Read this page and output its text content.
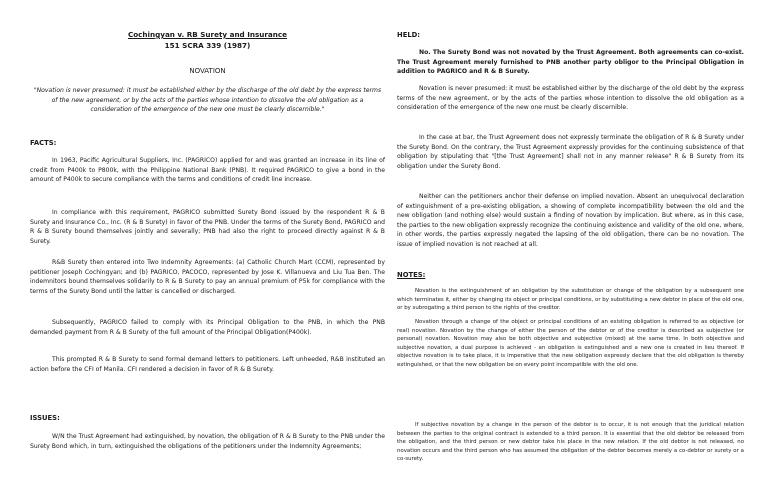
Cochingyan v. RB Surety and Insurance

151 SCRA 339 (1987)

NOVATION

"Novation is never presumed: it must be established either by the discharge of the old debt by the express terms of the new agreement, or by the acts of the parties whose intention to dissolve the old obligation as a consideration of the emergence of the new one must be clearly discernible."

FACTS:

In 1963, Pacific Agricultural Suppliers, Inc. (PAGRICO) applied for and was granted an increase in its line of credit from P400k to P800k, with the Philippine National Bank (PNB). It required PAGRICO to give a bond in the amount of P400k to secure compliance with the terms and conditions of credit line increase.

In compliance with this requirement, PAGRICO submitted Surety Bond issued by the respondent R & B Surety and Insurance Co., Inc. (R & B Surety) in favor of the PNB. Under the terms of the Surety Bond, PAGRICO and R & B Surety bound themselves jointly and severally; PNB had also the right to proceed directly against R & B Surety.

R&B Surety then entered into Two Indemnity Agreements: (a) Catholic Church Mart (CCM), represented by petitioner Joseph Cochingyan; and (b) PAGRICO, PACOCO, represented by Jose K. Villanueva and Liu Tua Ben. The indemnitors bound themselves solidarily to R & B Surety to pay an annual premium of P5k for compliance with the terms of the Surety Bond until the latter is cancelled or discharged.

Subsequently, PAGRICO failed to comply with its Principal Obligation to the PNB, in which the PNB demanded payment from R & B Surety of the full amount of the Principal Obligation(P400k).

This prompted R & B Surety to send formal demand letters to petitioners. Left unheeded, R&B instituted an action before the CFI of Manila. CFI rendered a decision in favor of R & B Surety.

ISSUES:

W/N the Trust Agreement had extinguished, by novation, the obligation of R & B Surety to the PNB under the Surety Bond which, in turn, extinguished the obligations of the petitioners under the Indemnity Agreements;

HELD:

No. The Surety Bond was not novated by the Trust Agreement. Both agreements can co-exist. The Trust Agreement merely furnished to PNB another party obligor to the Principal Obligation in addition to PAGRICO and R & B Surety.

Novation is never presumed: it must be established either by the discharge of the old debt by the express terms of the new agreement, or by the acts of the parties whose intention to dissolve the old obligation as a consideration of the emergence of the new one must be clearly discernible.

In the case at bar, the Trust Agreement does not expressly terminate the obligation of R & B Surety under the Surety Bond. On the contrary, the Trust Agreement expressly provides for the continuing subsistence of that obligation by stipulating that "[the Trust Agreement] shall not in any manner release" R & B Surety from its obligation under the Surety Bond.

Neither can the petitioners anchor their defense on implied novation. Absent an unequivocal declaration of extinguishment of a pre-existing obligation, a showing of complete incompatibility between the old and the new obligation (and nothing else) would sustain a finding of novation by implication. But where, as in this case, the parties to the new obligation expressly recognize the continuing existence and validity of the old one, where, in other words, the parties expressly negated the lapsing of the old obligation, there can be no novation. The issue of implied novation is not reached at all.

NOTES:

Novation is the extinguishment of an obligation by the substitution or change of the obligation by a subsequent one which terminates it, either by changing its object or principal conditions, or by substituting a new debtor in place of the old one, or by subrogating a third person to the rights of the creditor.

Novation through a change of the object or principal conditions of an existing obligation is referred to as objective (or real) novation. Novation by the change of either the person of the debtor or of the creditor is described as subjective (or personal) novation. Novation may also be both objective and subjective (mixed) at the same time. In both objective and subjective novation, a dual purpose is achieved - an obligation is extinguished and a new one is created in lieu thereof. If objective novation is to take place, it is imperative that the new obligation expressly declare that the old obligation is thereby extinguished, or that the new obligation be on every point incompatible with the old one.

If subjective novation by a change in the person of the debtor is to occur, it is not enough that the juridical relation between the parties to the original contract is extended to a third person. It is essential that the old debtor be released from the obligation, and the third person or new debtor take his place in the new relation. If the old debtor is not released, no novation occurs and the third person who has assumed the obligation of the debtor becomes merely a co-debtor or surety or a co-surety.
